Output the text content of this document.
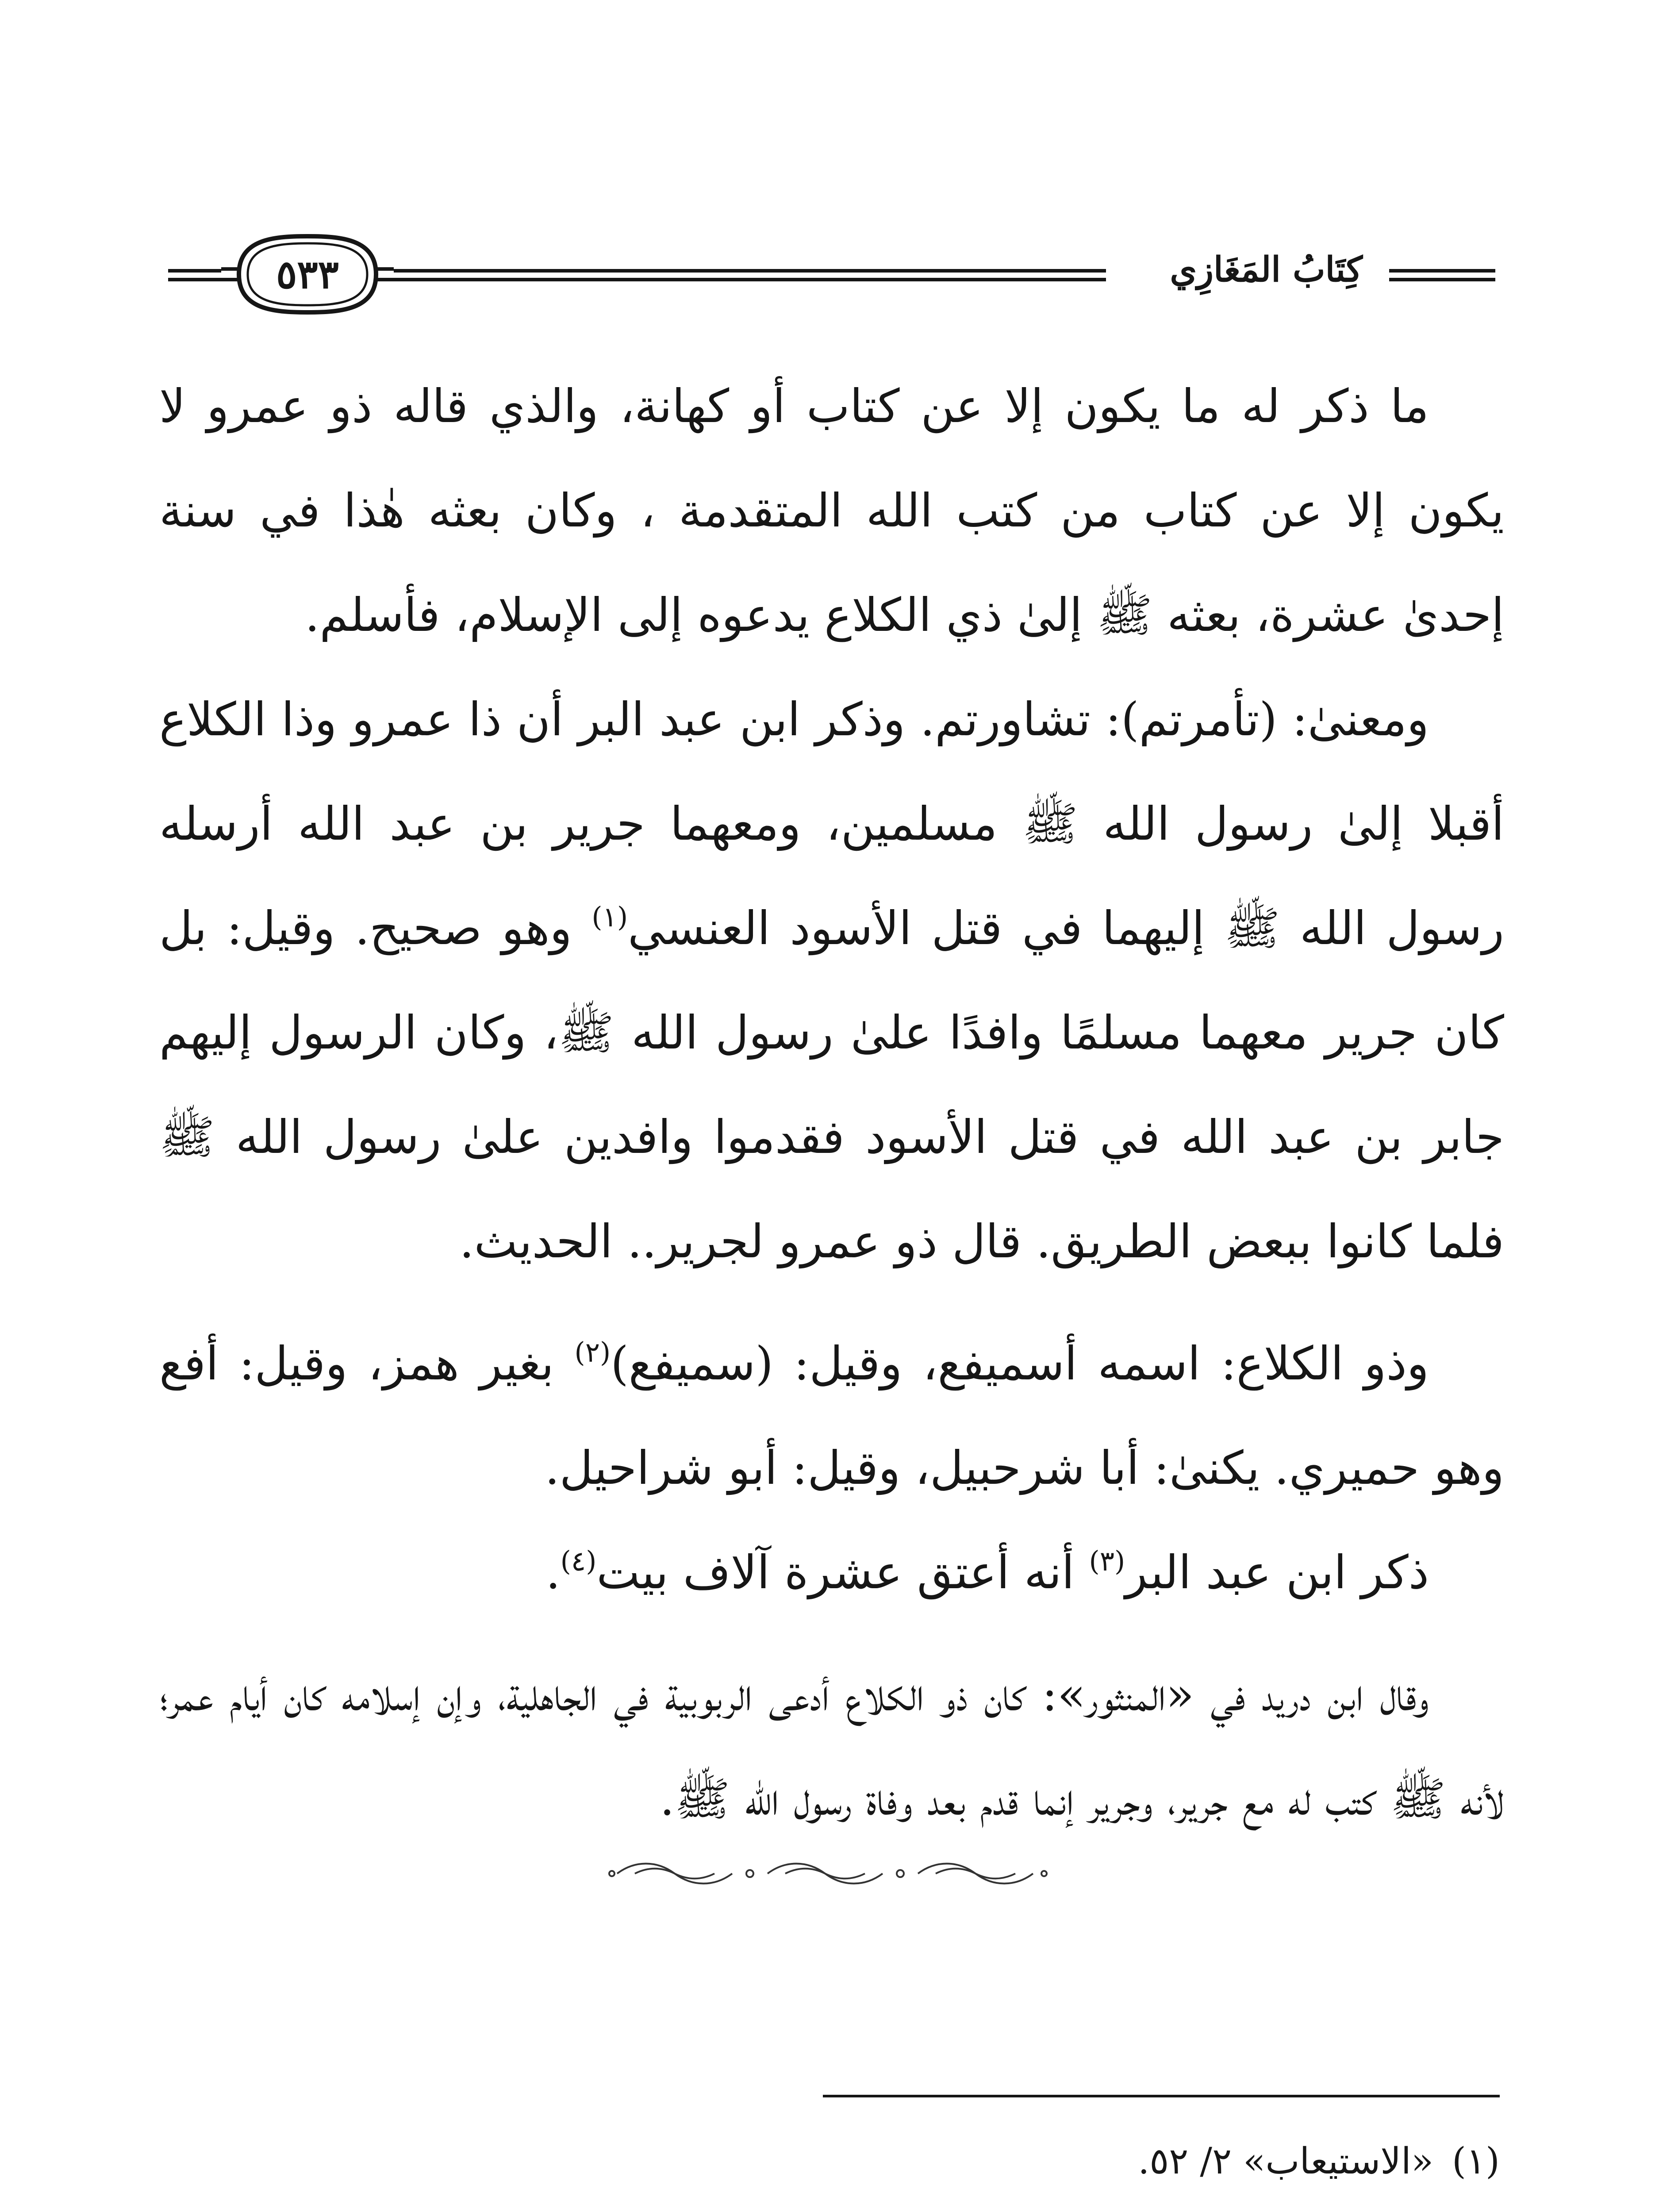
كِتَابُ المَغَازِي
٥٣٣

ما ذكر له ما يكون إلا عن كتاب أو كهانة، والذي قاله ذو عمرو لا يكون إلا عن كتاب من كتب الله المتقدمة ، وكان بعثه هٰذا في سنة إحدىٰ عشرة، بعثه ﷺ إلىٰ ذي الكلاع يدعوه إلى الإسلام، فأسلم.

ومعنىٰ: (تأمرتم): تشاورتم. وذكر ابن عبد البر أن ذا عمرو وذا الكلاع أقبلا إلىٰ رسول الله ﷺ مسلمين، ومعهما جرير بن عبد الله أرسله رسول الله ﷺ إليهما في قتل الأسود العنسي$^{(١)}$ وهو صحيح. وقيل: بل كان جرير معهما مسلمًا وافدًا علىٰ رسول الله ﷺ، وكان الرسول إليهم جابر بن عبد الله في قتل الأسود فقدموا وافدين علىٰ رسول الله ﷺ فلما كانوا ببعض الطريق. قال ذو عمرو لجرير.. الحديث.

وذو الكلاع: اسمه أسميفع، وقيل: (سميفع)$^{(٢)}$ بغير همز، وقيل: أفع وهو حميري. يكنىٰ: أبا شرحبيل، وقيل: أبو شراحيل.

ذكر ابن عبد البر$^{(٣)}$ أنه أعتق عشرة آلاف بيت$^{(٤)}$.

وقال ابن دريد في «المنثور»: كان ذو الكلاع أدعى الربوبية في الجاهلية، وإن إسلامه كان أيام عمر؛ لأنه ﷺ كتب له مع جرير، وجرير إنما قدم بعد وفاة رسول الله ﷺ.

(١)«الاستيعاب» ٢/ ٥٢.
